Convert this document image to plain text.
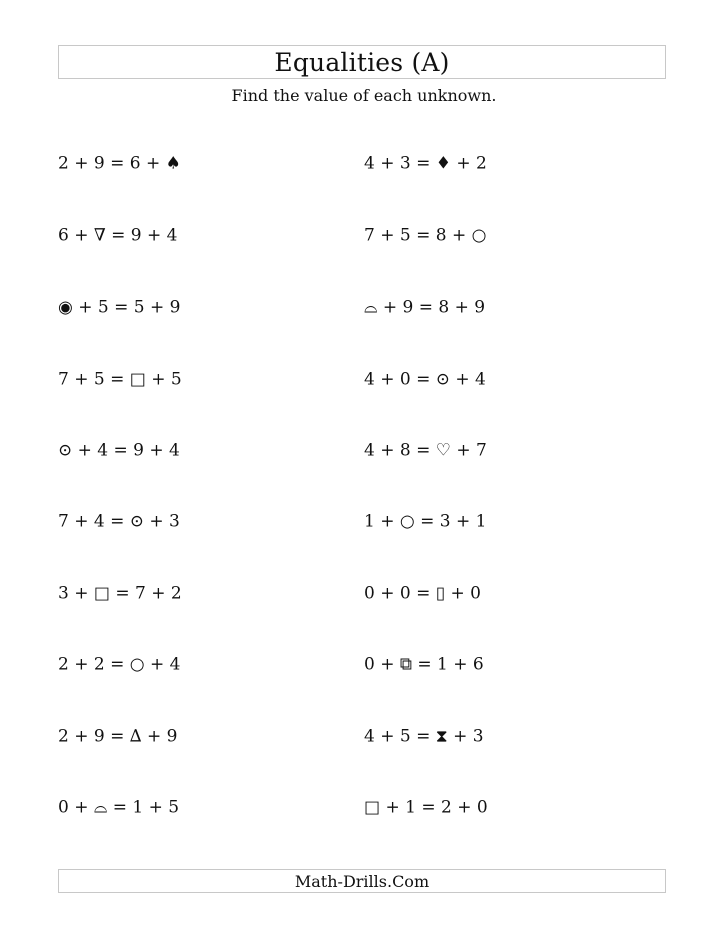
Equalities (A)
Find the value of each unknown.
2 + 9 = 6 + ♠
6 + ∇ = 9 + 4
◉ + 5 = 5 + 9
7 + 5 = □ + 5
⊙ + 4 = 9 + 4
7 + 4 = ⊙ + 3
3 + □ = 7 + 2
2 + 2 = ○ + 4
2 + 9 = ∆ + 9
0 + ⌓ = 1 + 5
4 + 3 = ♦ + 2
7 + 5 = 8 + ○
⌓ + 9 = 8 + 9
4 + 0 = ⊙ + 4
4 + 8 = ♡ + 7
1 + ○ = 3 + 1
0 + 0 = ▯ + 0
0 + ⧉ = 1 + 6
4 + 5 = ⧗ + 3
□ + 1 = 2 + 0
Math-Drills.Com
